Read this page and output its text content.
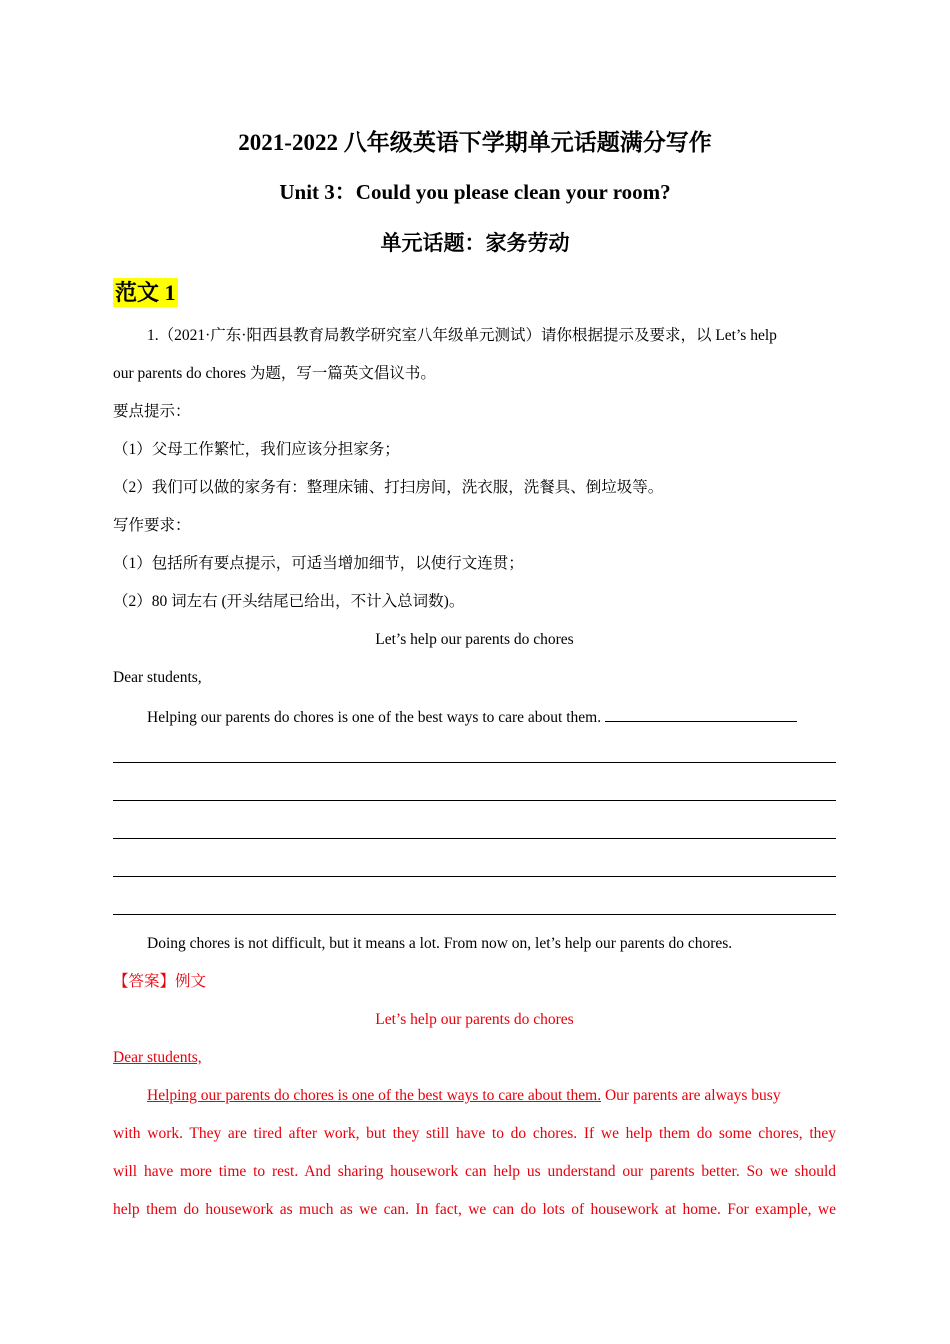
2021-2022 八年级英语下学期单元话题满分写作
Unit 3：Could you please clean your room?
单元话题：家务劳动
范文 1
1.（2021·广东·阳西县教育局教学研究室八年级单元测试）请你根据提示及要求，以 Let’s help
our parents do chores 为题，写一篇英文倡议书。
要点提示：
（1）父母工作繁忙，我们应该分担家务；
（2）我们可以做的家务有：整理床铺、打扫房间，洗衣服，洗餐具、倒垃圾等。
写作要求：
（1）包括所有要点提示，可适当增加细节，以使行文连贯；
（2）80 词左右 (开头结尾已给出，不计入总词数)。
Let’s help our parents do chores
Dear students,
Helping our parents do chores is one of the best ways to care about them.
Doing chores is not difficult, but it means a lot. From now on, let’s help our parents do chores.
【答案】例文
Let’s help our parents do chores
Dear students,
Helping our parents do chores is one of the best ways to care about them. Our parents are always busy
with work. They are tired after work, but they still have to do chores. If we help them do some chores, they
will have more time to rest. And sharing housework can help us understand our parents better. So we should
help them do housework as much as we can. In fact, we can do lots of housework at home. For example, we
